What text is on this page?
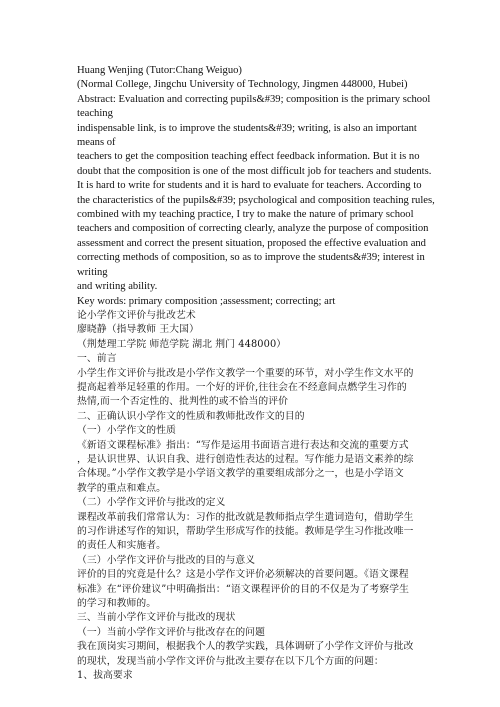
Huang Wenjing (Tutor:Chang Weiguo)
(Normal College, Jingchu University of Technology, Jingmen 448000, Hubei)
Abstract: Evaluation and correcting pupils&#39; composition is the primary school
teaching
indispensable link, is to improve the students&#39; writing, is also an important
means of
teachers to get the composition teaching effect feedback information. But it is no
doubt that the composition is one of the most difficult job for teachers and students.
It is hard to write for students and it is hard to evaluate for teachers. According to
the characteristics of the pupils&#39; psychological and composition teaching rules,
combined with my teaching practice, I try to make the nature of primary school
teachers and composition of correcting clearly, analyze the purpose of composition
assessment and correct the present situation, proposed the effective evaluation and
correcting methods of composition, so as to improve the students&#39; interest in
writing
and writing ability.
Key words: primary composition ;assessment; correcting; art
论小学作文评价与批改艺术
廖晓静（指导教师 王大国）
（荆楚理工学院 师范学院 湖北 荆门 448000）
一、前言
小学生作文评价与批改是小学作文教学一个重要的环节，对小学生作文水平的
提高起着举足轻重的作用。一个好的评价,往往会在不经意间点燃学生习作的
热情,而一个否定性的、批判性的或不恰当的评价
二、正确认识小学作文的性质和教师批改作文的目的
（一）小学作文的性质
《新语文课程标准》指出：“写作是运用书面语言进行表达和交流的重要方式
，是认识世界、认识自我、进行创造性表达的过程。写作能力是语文素养的综
合体现。”小学作文教学是小学语文教学的重要组成部分之一，也是小学语文
教学的重点和难点。
（二）小学作文评价与批改的定义
课程改革前我们常常认为：习作的批改就是教师指点学生遣词造句，借助学生
的习作讲述写作的知识，帮助学生形成写作的技能。教师是学生习作批改唯一
的责任人和实施者。
（三）小学作文评价与批改的目的与意义
评价的目的究竟是什么？这是小学作文评价必须解决的首要问题。《语文课程
标准》在“评价建议”中明确指出：“语文课程评价的目的不仅是为了考察学生
的学习和教师的。
三、当前小学作文评价与批改的现状
（一）当前小学作文评价与批改存在的问题
我在顶岗实习期间，根据我个人的教学实践，具体调研了小学作文评价与批改
的现状，发现当前小学作文评价与批改主要存在以下几个方面的问题：
1、拔高要求
